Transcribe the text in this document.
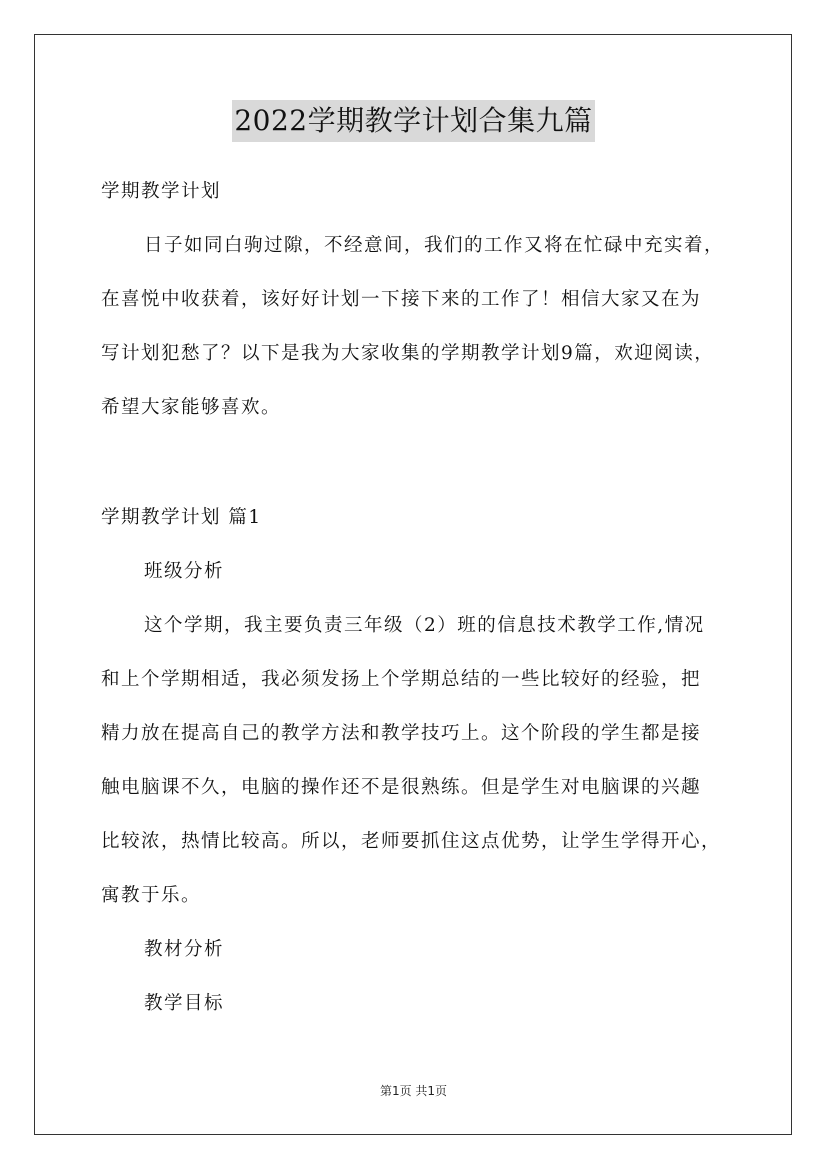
2022学期教学计划合集九篇
学期教学计划
日子如同白驹过隙，不经意间，我们的工作又将在忙碌中充实着，
在喜悦中收获着，该好好计划一下接下来的工作了！相信大家又在为
写计划犯愁了？以下是我为大家收集的学期教学计划9篇，欢迎阅读，
希望大家能够喜欢。
学期教学计划 篇1
班级分析
这个学期，我主要负责三年级（2）班的信息技术教学工作,情况
和上个学期相适，我必须发扬上个学期总结的一些比较好的经验，把
精力放在提高自己的教学方法和教学技巧上。这个阶段的学生都是接
触电脑课不久，电脑的操作还不是很熟练。但是学生对电脑课的兴趣
比较浓，热情比较高。所以，老师要抓住这点优势，让学生学得开心，
寓教于乐。
教材分析
教学目标
第1页 共1页
